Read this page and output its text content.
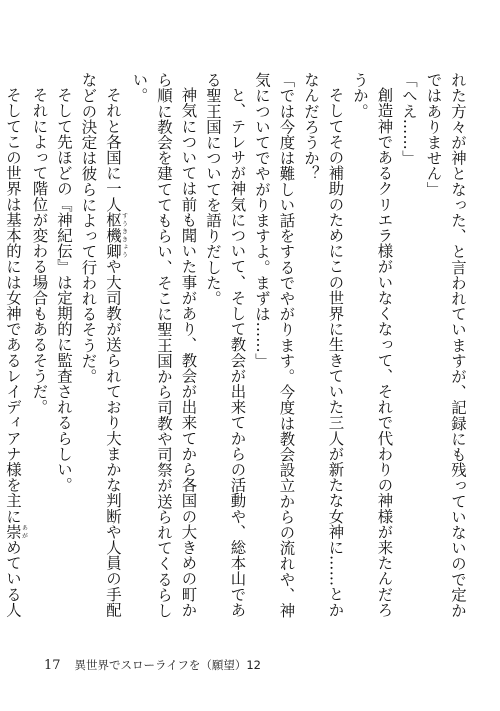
れた方々が神となった、と言われていますが、記録にも残っていないので定かではありません」

「へえ……」

創造神であるクリエラ様がいなくなって、それで代わりの神様が来たんだろうか。

そしてその補助のためにこの世界に生きていた三人が新たな女神に……とかなんだろうか？

「では今度は難しい話をするでやがります。今度は教会設立からの流れや、神気についてでやがりますよ。まずは……」

と、テレサが神気について、そして教会が出来てからの活動や、総本山である聖王国についてを語りだした。

神気については前も聞いた事があり、教会が出来てから各国の大きめの町から順に教会を建ててもらい、そこに聖王国から司教や司祭が送られてくるらしい。

それと各国に一人枢機卿すうききょうや大司教が送られており大まかな判断や人員の手配などの決定は彼らによって行われるそうだ。

そして先ほどの『神紀伝』は定期的に監査されるらしい。

それによって階位が変わる場合もあるそうだ。

そしてこの世界は基本的には女神であるレイディアナ様を主に崇あがめている人

17 異世界でスローライフを（願望）12
